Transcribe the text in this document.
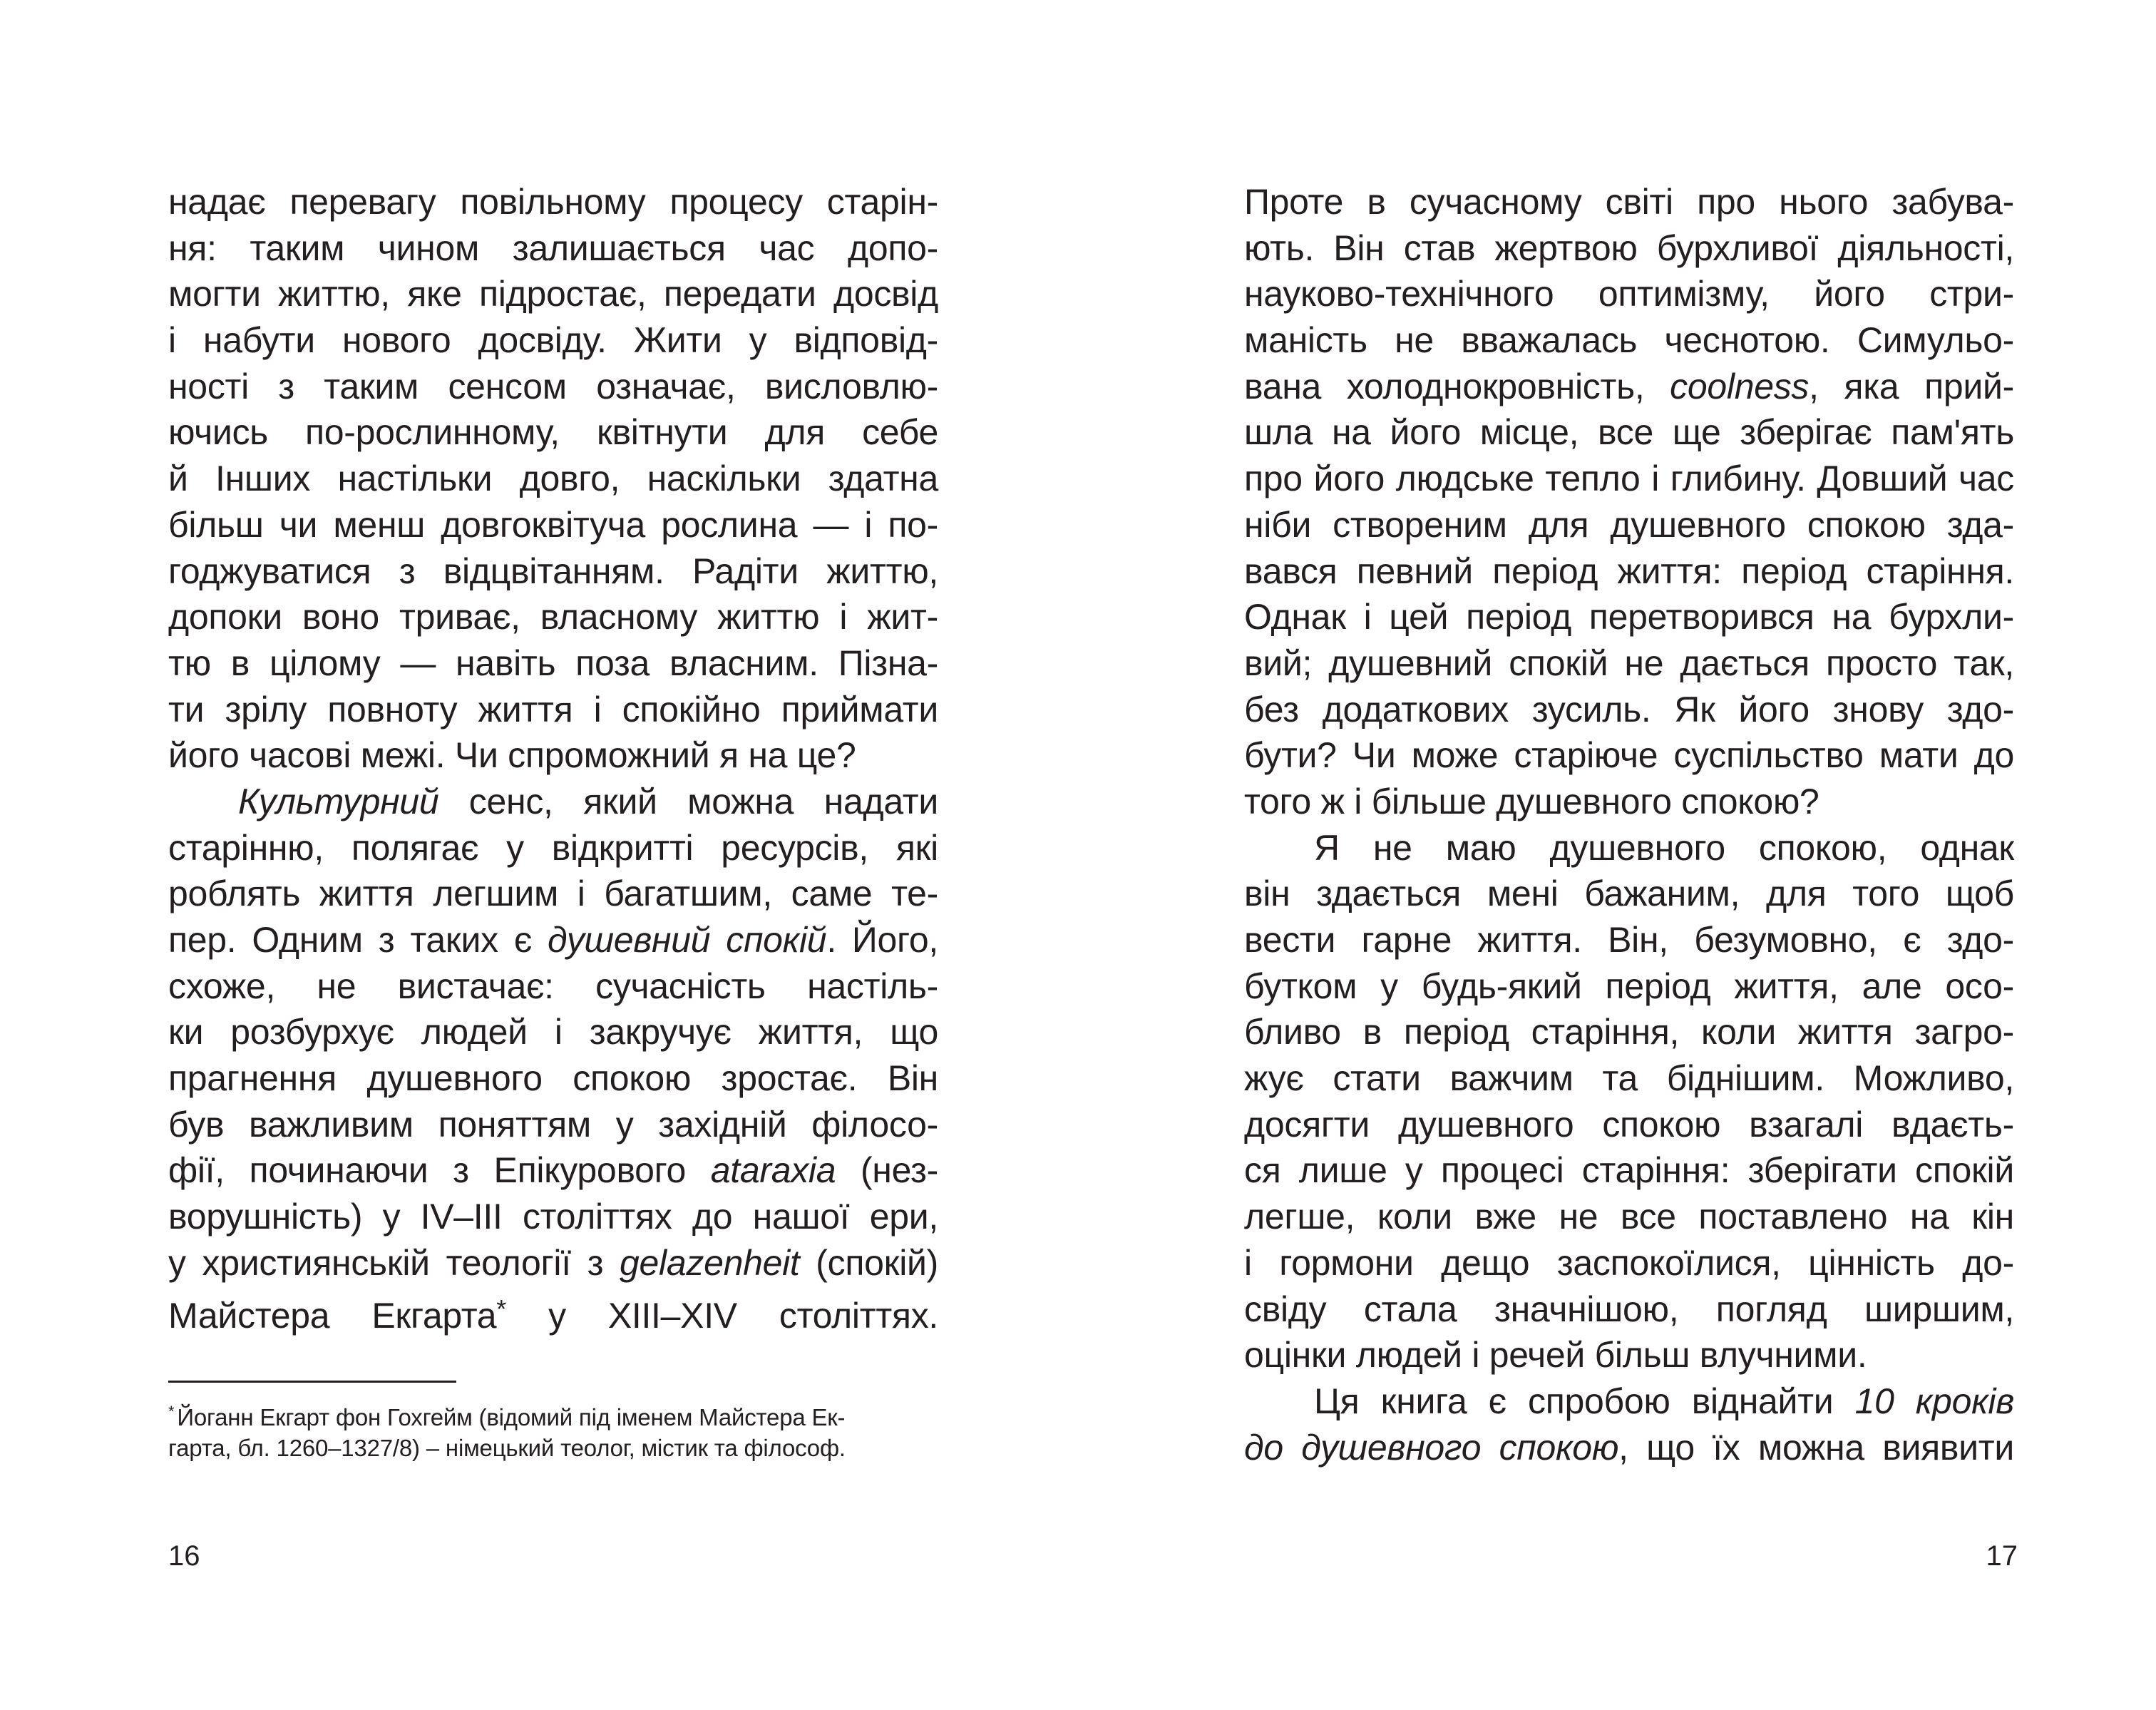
надає перевагу повільному процесу старін-
ня: таким чином залишається час допо-
могти життю, яке підростає, передати досвід
і набути нового досвіду. Жити у відповід-
ності з таким сенсом означає, висловлю-
ючись по-рослинному, квітнути для себе
й Інших настільки довго, наскільки здатна
більш чи менш довгоквітуча рослина — і по-
годжуватися з відцвітанням. Радіти життю,
допоки воно триває, власному життю і жит-
тю в цілому — навіть поза власним. Пізна-
ти зрілу повноту життя і спокійно приймати
його часові межі. Чи спроможний я на це?
Культурний сенс, який можна надати
старінню, полягає у відкритті ресурсів, які
роблять життя легшим і багатшим, саме те-
пер. Одним з таких є душевний спокій. Його,
схоже, не вистачає: сучасність настіль-
ки розбурхує людей і закручує життя, що
прагнення душевного спокою зростає. Він
був важливим поняттям у західній філосо-
фії, починаючи з Епікурового ataraxia (нез-
ворушність) у IV–III століттях до нашої ери,
у християнській теології з gelazenheit (спокій)
Майстера Екгарта* у XIII–XIV століттях.
* Йоганн Екгарт фон Гохгейм (відомий під іменем Майстера Ек-
гарта, бл. 1260–1327/8) – німецький теолог, містик та філософ.
16
Проте в сучасному світі про нього забува-
ють. Він став жертвою бурхливої діяльності,
науково-технічного оптимізму, його стри-
маність не вважалась чеснотою. Симульо-
вана холоднокровність, coolness, яка прий-
шла на його місце, все ще зберігає пам'ять
про його людське тепло і глибину. Довший час
ніби створеним для душевного спокою зда-
вався певний період життя: період старіння.
Однак і цей період перетворився на бурхли-
вий; душевний спокій не дається просто так,
без додаткових зусиль. Як його знову здо-
бути? Чи може старіюче суспільство мати до
того ж і більше душевного спокою?
Я не маю душевного спокою, однак
він здається мені бажаним, для того щоб
вести гарне життя. Він, безумовно, є здо-
бутком у будь-який період життя, але осо-
бливо в період старіння, коли життя загро-
жує стати важчим та біднішим. Можливо,
досягти душевного спокою взагалі вдаєть-
ся лише у процесі старіння: зберігати спокій
легше, коли вже не все поставлено на кін
і гормони дещо заспокоїлися, цінність до-
свіду стала значнішою, погляд ширшим,
оцінки людей і речей більш влучними.
Ця книга є спробою віднайти 10 кроків
до душевного спокою, що їх можна виявити
17
